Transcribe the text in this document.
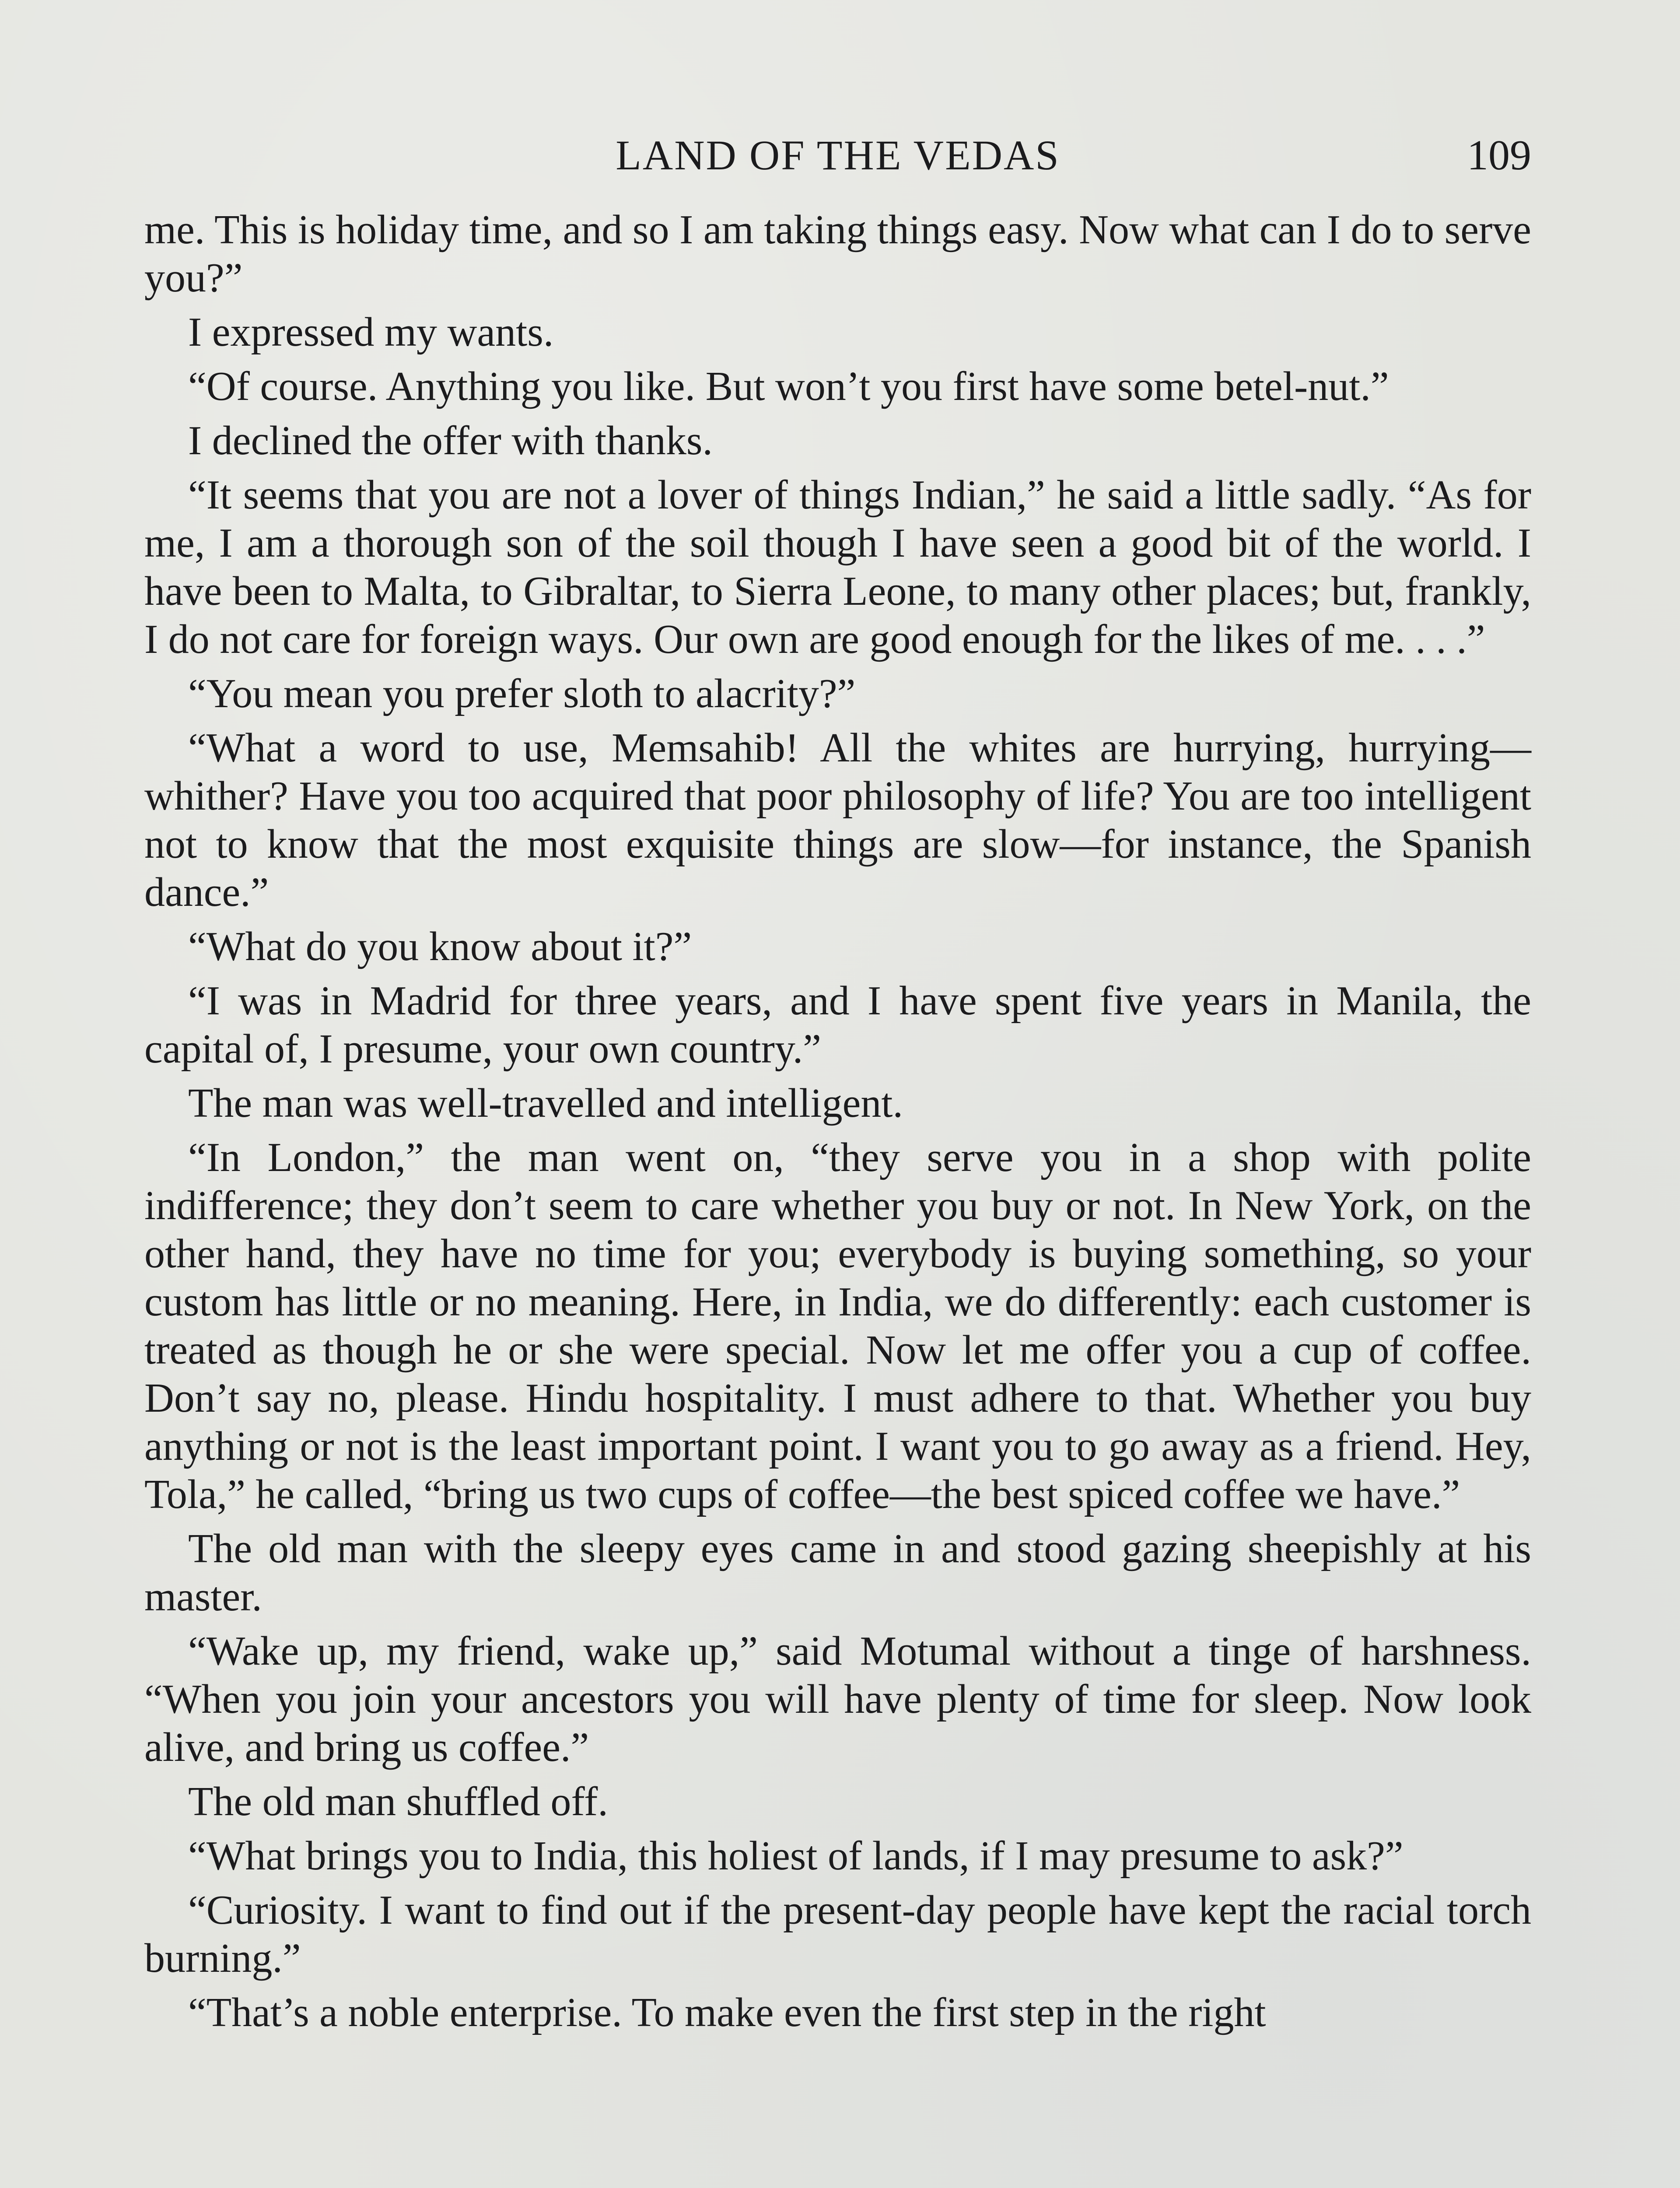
LAND OF THE VEDAS	109

me. This is holiday time, and so I am taking things easy. Now what can I do to serve you?”

I expressed my wants.

“Of course. Anything you like. But won’t you first have some betel-nut.”

I declined the offer with thanks.

“It seems that you are not a lover of things Indian,” he said a little sadly. “As for me, I am a thorough son of the soil though I have seen a good bit of the world. I have been to Malta, to Gibraltar, to Sierra Leone, to many other places; but, frankly, I do not care for foreign ways. Our own are good enough for the likes of me. . . .”

“You mean you prefer sloth to alacrity?”

“What a word to use, Memsahib! All the whites are hurrying, hurrying—whither? Have you too acquired that poor philosophy of life? You are too intelligent not to know that the most exquisite things are slow—for instance, the Spanish dance.”

“What do you know about it?”

“I was in Madrid for three years, and I have spent five years in Manila, the capital of, I presume, your own country.”

The man was well-travelled and intelligent.

“In London,” the man went on, “they serve you in a shop with polite indifference; they don’t seem to care whether you buy or not. In New York, on the other hand, they have no time for you; everybody is buying something, so your custom has little or no meaning. Here, in India, we do differently: each customer is treated as though he or she were special. Now let me offer you a cup of coffee. Don’t say no, please. Hindu hospitality. I must adhere to that. Whether you buy anything or not is the least important point. I want you to go away as a friend. Hey, Tola,” he called, “bring us two cups of coffee—the best spiced coffee we have.”

The old man with the sleepy eyes came in and stood gazing sheepishly at his master.

“Wake up, my friend, wake up,” said Motumal without a tinge of harshness. “When you join your ancestors you will have plenty of time for sleep. Now look alive, and bring us coffee.”

The old man shuffled off.

“What brings you to India, this holiest of lands, if I may presume to ask?”

“Curiosity. I want to find out if the present-day people have kept the racial torch burning.”

“That’s a noble enterprise. To make even the first step in the right
